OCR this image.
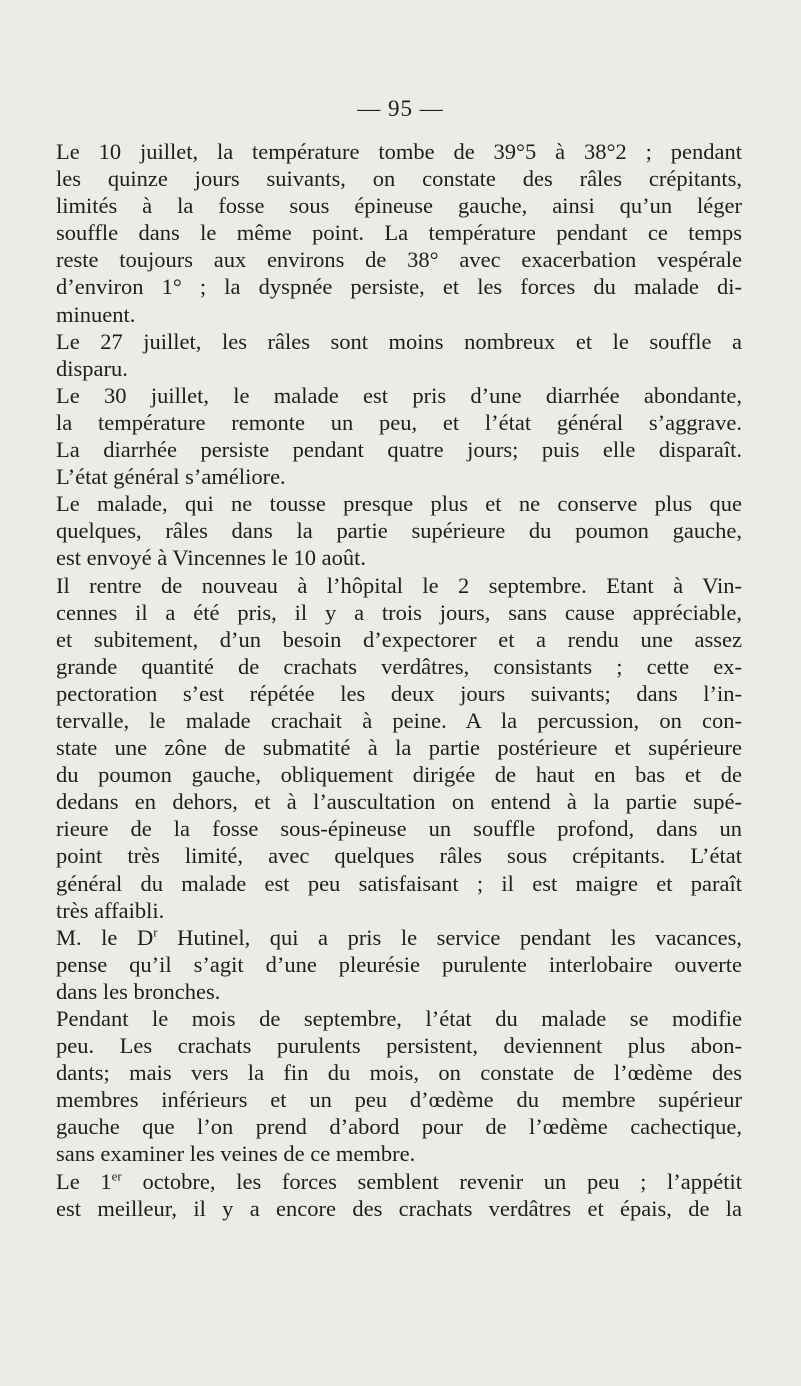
— 95 —

Le 10 juillet, la température tombe de 39°5 à 38°2 ; pendant
les quinze jours suivants, on constate des râles crépitants,
limités à la fosse sous épineuse gauche, ainsi qu’un léger
souffle dans le même point. La température pendant ce temps
reste toujours aux environs de 38° avec exacerbation vespérale
d’environ 1° ; la dyspnée persiste, et les forces du malade di-
minuent.

Le 27 juillet, les râles sont moins nombreux et le souffle a
disparu.

Le 30 juillet, le malade est pris d’une diarrhée abondante,
la température remonte un peu, et l’état général s’aggrave.

La diarrhée persiste pendant quatre jours; puis elle disparaît.
L’état général s’améliore.

Le malade, qui ne tousse presque plus et ne conserve plus que
quelques, râles dans la partie supérieure du poumon gauche,
est envoyé à Vincennes le 10 août.

Il rentre de nouveau à l’hôpital le 2 septembre. Etant à Vin-
cennes il a été pris, il y a trois jours, sans cause appréciable,
et subitement, d’un besoin d’expectorer et a rendu une assez
grande quantité de crachats verdâtres, consistants ; cette ex-
pectoration s’est répétée les deux jours suivants; dans l’in-
tervalle, le malade crachait à peine. A la percussion, on con-
state une zône de submatité à la partie postérieure et supérieure
du poumon gauche, obliquement dirigée de haut en bas et de
dedans en dehors, et à l’auscultation on entend à la partie supé-
rieure de la fosse sous-épineuse un souffle profond, dans un
point très limité, avec quelques râles sous crépitants. L’état
général du malade est peu satisfaisant ; il est maigre et paraît
très affaibli.

M. le $D^r$ Hutinel, qui a pris le service pendant les vacances,
pense qu’il s’agit d’une pleurésie purulente interlobaire ouverte
dans les bronches.

Pendant le mois de septembre, l’état du malade se modifie
peu. Les crachats purulents persistent, deviennent plus abon-
dants; mais vers la fin du mois, on constate de l’œdème des
membres inférieurs et un peu d’œdème du membre supérieur
gauche que l’on prend d’abord pour de l’œdème cachectique,
sans examiner les veines de ce membre.

Le 1er octobre, les forces semblent revenir un peu ; l’appétit
est meilleur, il y a encore des crachats verdâtres et épais, de la
